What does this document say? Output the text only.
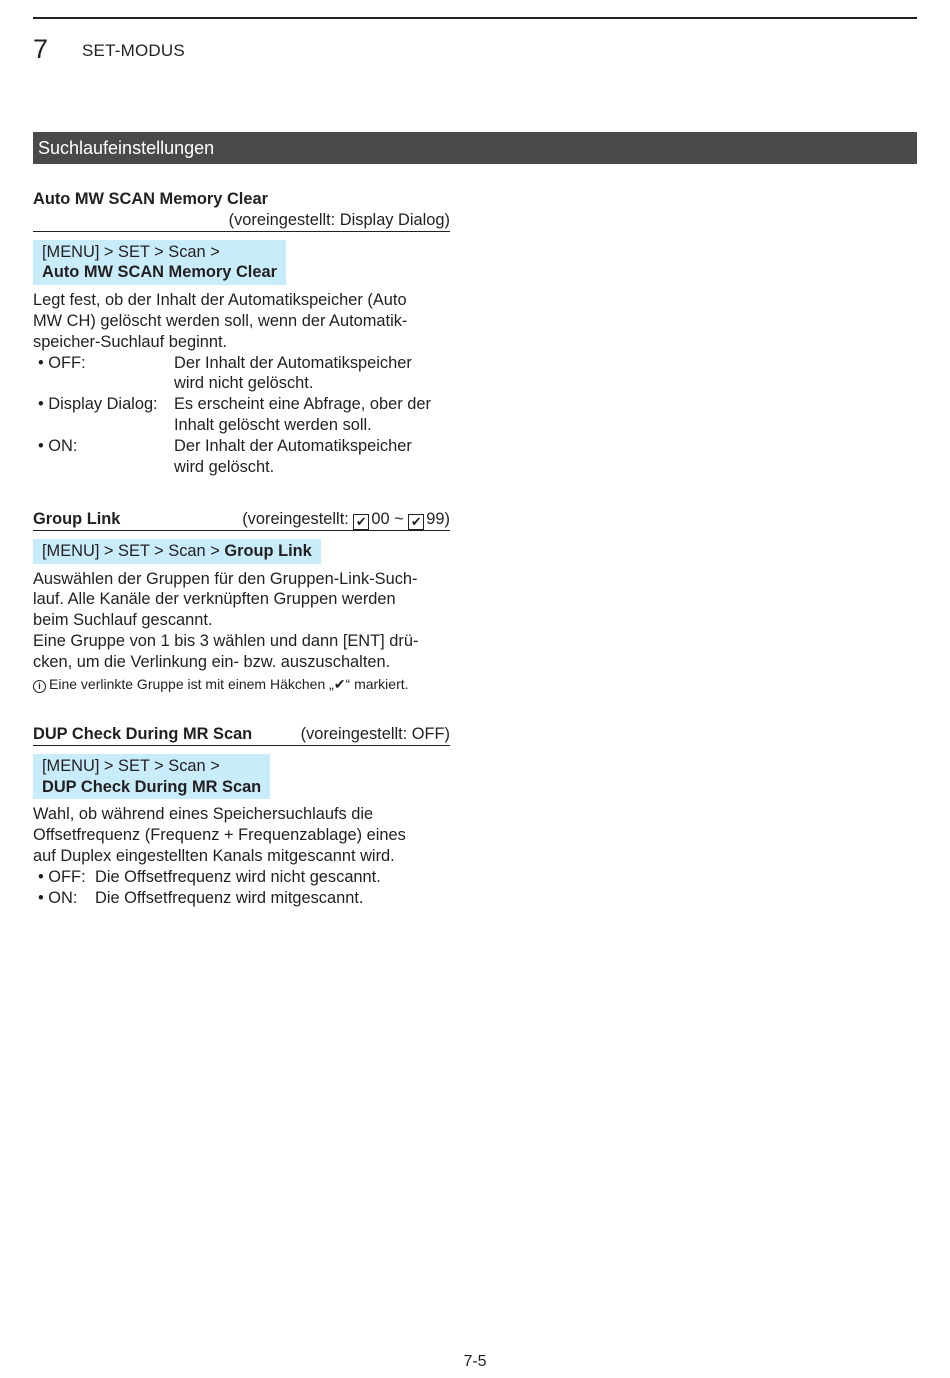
7 SET-MODUS
Suchlaufeinstellungen
Auto MW SCAN Memory Clear
(voreingestellt: Display Dialog)
[MENU] > SET > Scan >
Auto MW SCAN Memory Clear
Legt fest, ob der Inhalt der Automatikspeicher (Auto
MW CH) gelöscht werden soll, wenn der Automatik-
speicher-Suchlauf beginnt.
• OFF:	Der Inhalt der Automatikspeicher
wird nicht gelöscht.
• Display Dialog: Es erscheint eine Abfrage, ober der
Inhalt gelöscht werden soll.
• ON:	Der Inhalt der Automatikspeicher
wird gelöscht.
Group Link	(voreingestellt: ✔ 00 ~ ✔ 99)
[MENU] > SET > Scan > Group Link
Auswählen der Gruppen für den Gruppen-Link-Such-
lauf. Alle Kanäle der verknüpften Gruppen werden
beim Suchlauf gescannt.
Eine Gruppe von 1 bis 3 wählen und dann [ENT] drü-
cken, um die Verlinkung ein- bzw. auszuschalten.
i Eine verlinkte Gruppe ist mit einem Häkchen „✔“ markiert.
DUP Check During MR Scan	(voreingestellt: OFF)
[MENU] > SET > Scan >
DUP Check During MR Scan
Wahl, ob während eines Speichersuchlaufs die
Offsetfrequenz (Frequenz + Frequenzablage) eines
auf Duplex eingestellten Kanals mitgescannt wird.
• OFF: Die Offsetfrequenz wird nicht gescannt.
• ON:	Die Offsetfrequenz wird mitgescannt.
7-5
